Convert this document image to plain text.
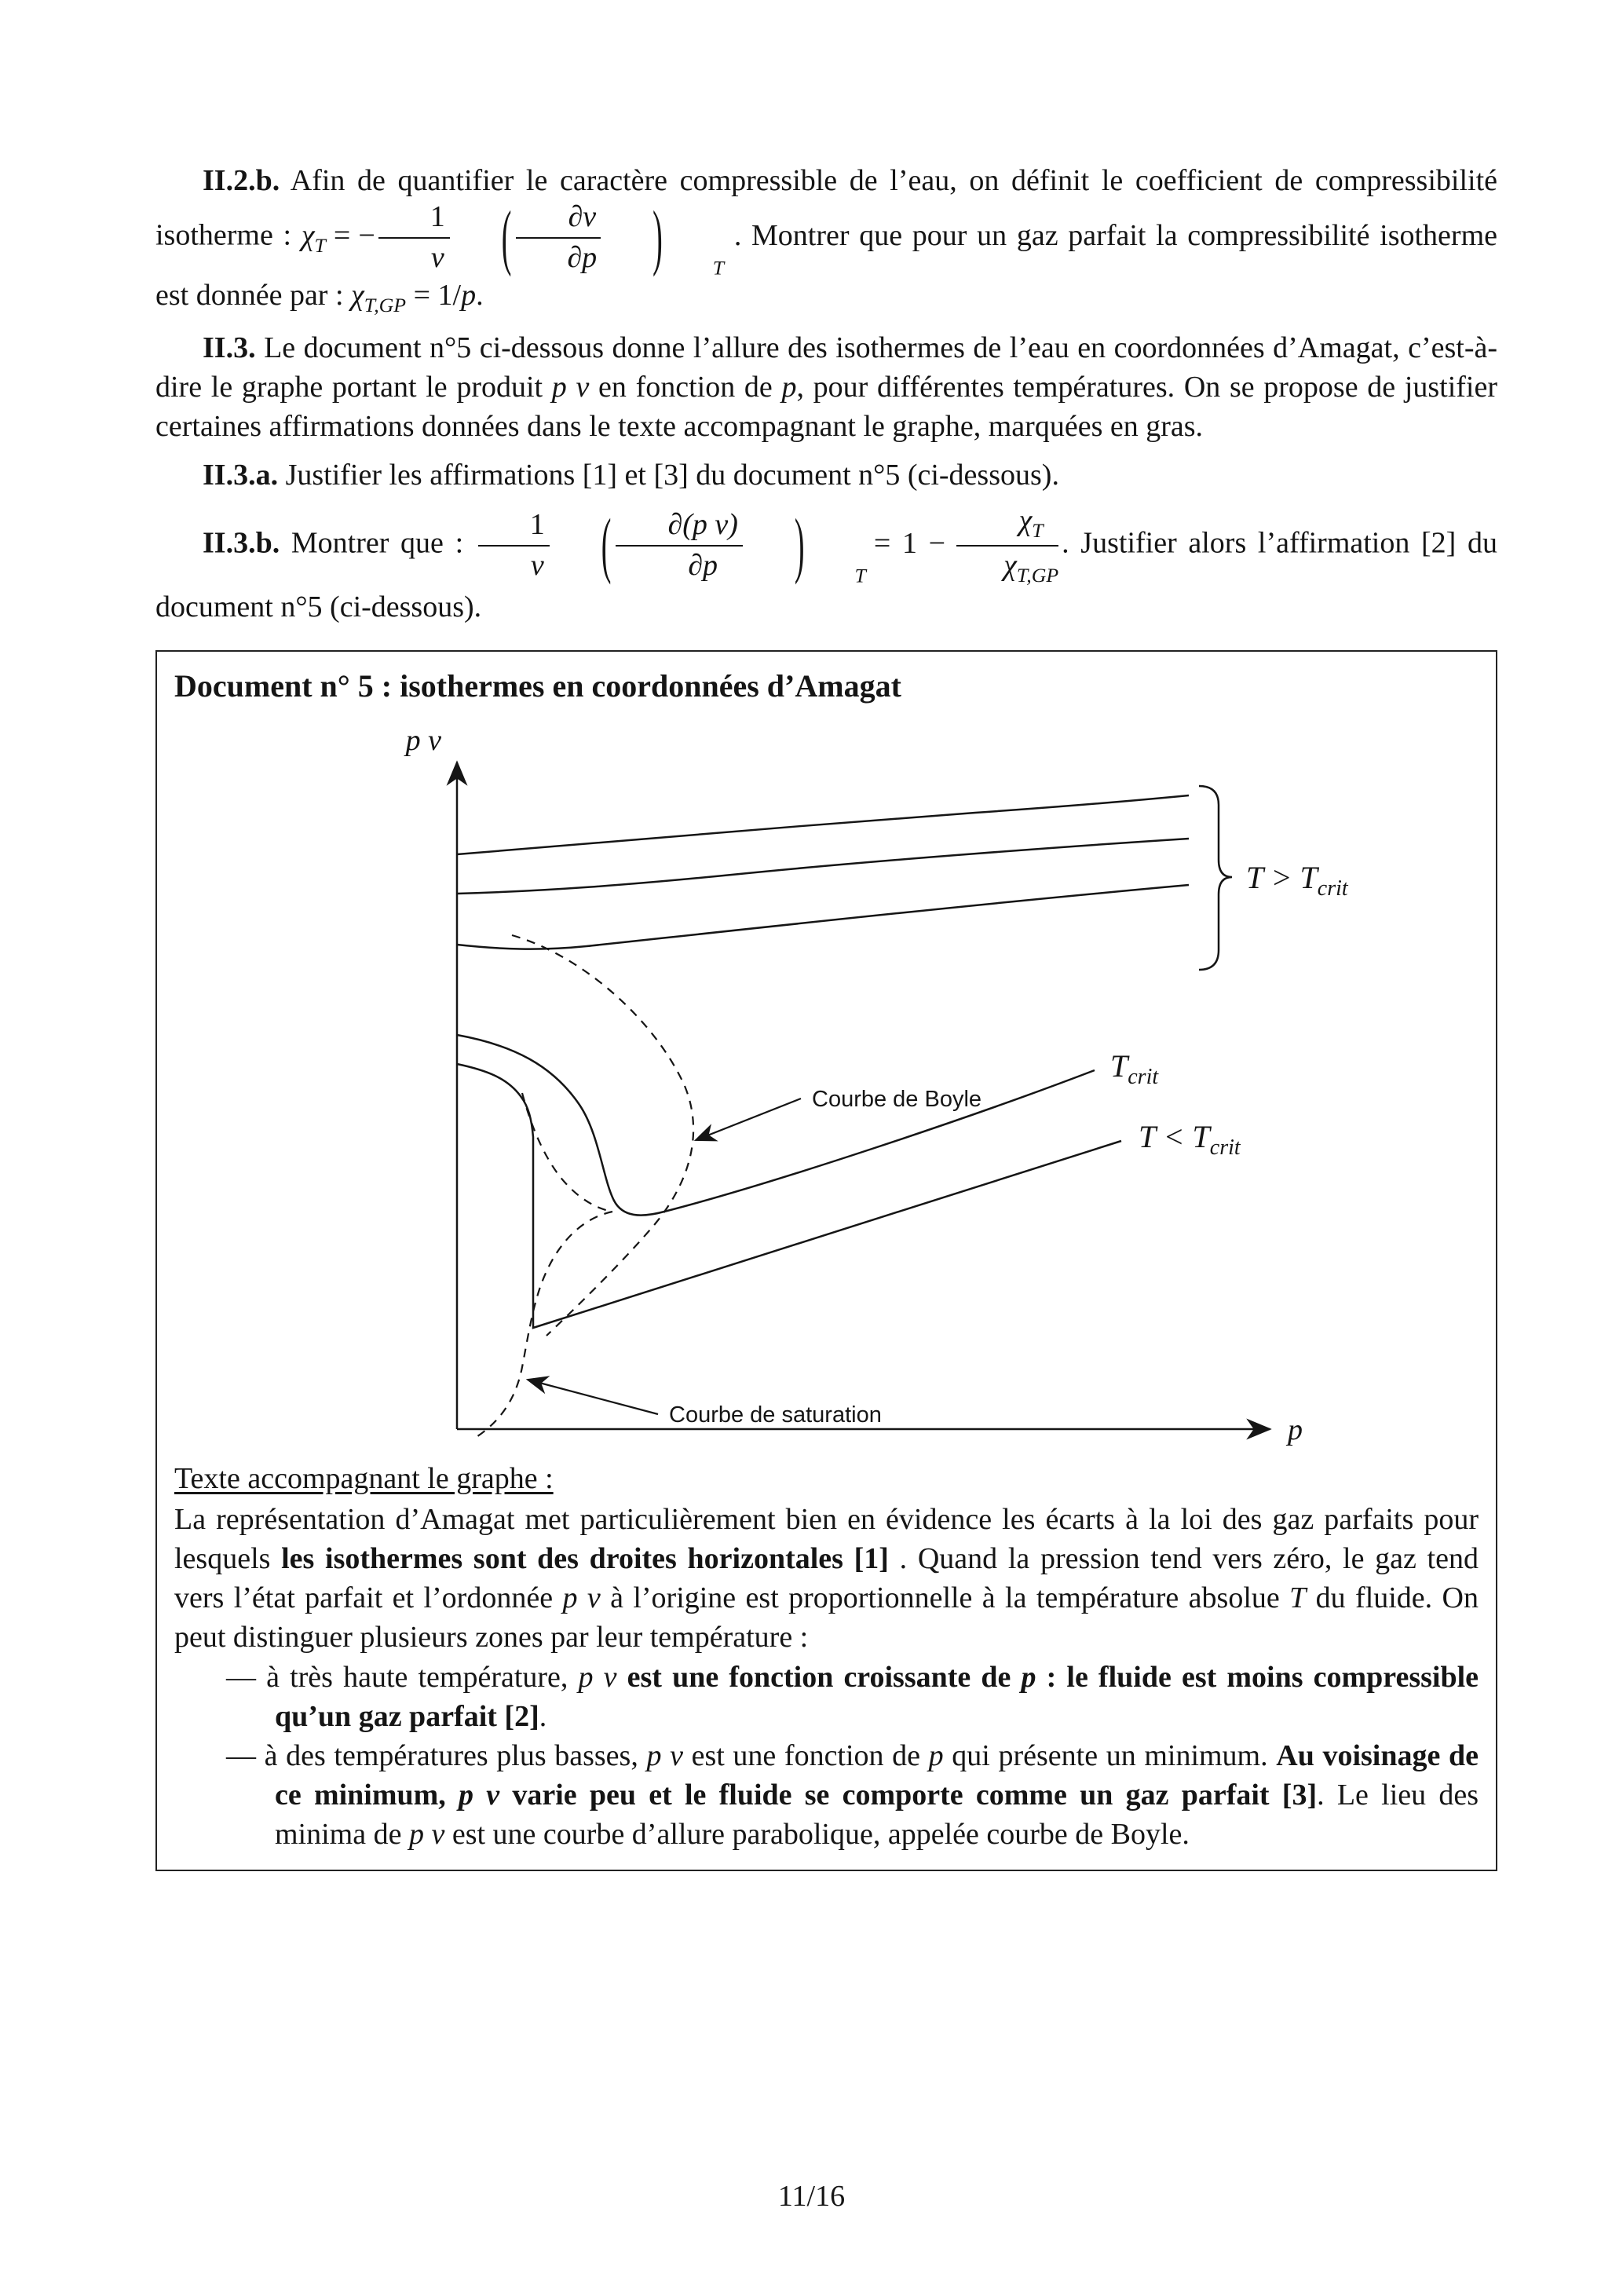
II.2.b. Afin de quantifier le caractère compressible de l’eau, on définit le coefficient de compressibilité isotherme : $\chi_T$ = − $\frac{1}{v}$ ( $\frac{\partial v}{\partial p}$ ) T . Montrer que pour un gaz parfait la compressibilité isotherme est donnée par : $\chi_{T,GP} = 1/p$.

II.3. Le document n°5 ci-dessous donne l’allure des isothermes de l’eau en coordonnées d’Amagat, c’est-à-dire le graphe portant le produit p v en fonction de p, pour différentes températures. On se propose de justifier certaines affirmations données dans le texte accompagnant le graphe, marquées en gras.

II.3.a. Justifier les affirmations [1] et [3] du document n°5 (ci-dessous).

II.3.b. Montrer que : $\frac{1}{v}$ ( $\frac{\text{∂(p v)}}{\partial p}$ ) $T= 1 - \frac{\chi_T}{\chi_{T,GP}}$ . Justifier alors l’affirmation [2] du document n°5 (ci-dessous).

Document n° 5 : isothermes en coordonnées d’Amagat
p v
p
$T > T_{crit}$
$T_{crit}$
$T < T_{crit}$
Courbe de Boyle
Courbe de saturation
Texte accompagnant le graphe :

La représentation d’Amagat met particulièrement bien en évidence les écarts à la loi des gaz parfaits pour lesquels les isothermes sont des droites horizontales [1] . Quand la pression tend vers zéro, le gaz tend vers l’état parfait et l’ordonnée p v à l’origine est proportionnelle à la température absolue T du fluide. On peut distinguer plusieurs zones par leur température :

— à très haute température, p v est une fonction croissante de p : le fluide est moins compressible qu’un gaz parfait [2].

— à des températures plus basses, p v est une fonction de p qui présente un minimum. Au voisinage de ce minimum, p v varie peu et le fluide se comporte comme un gaz parfait [3]. Le lieu des minima de p v est une courbe d’allure parabolique, appelée courbe de Boyle.

11/16
